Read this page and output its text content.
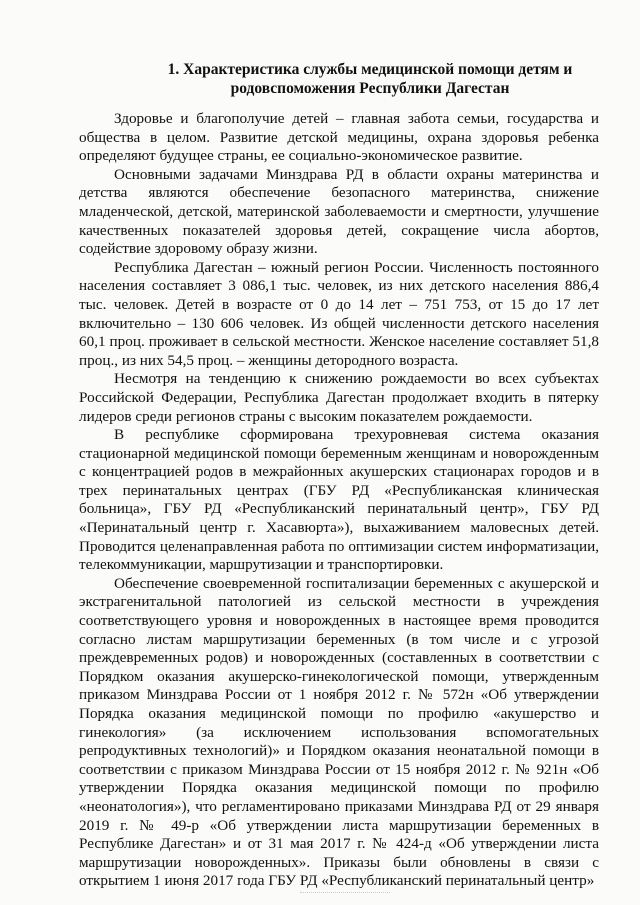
1. Характеристика службы медицинской помощи детям и родовспоможения Республики Дагестан

Здоровье и благополучие детей – главная забота семьи, государства и общества в целом. Развитие детской медицины, охрана здоровья ребенка определяют будущее страны, ее социально-экономическое развитие.

Основными задачами Минздрава РД в области охраны материнства и детства являются обеспечение безопасного материнства, снижение младенческой, детской, материнской заболеваемости и смертности, улучшение качественных показателей здоровья детей, сокращение числа абортов, содействие здоровому образу жизни.

Республика Дагестан – южный регион России. Численность постоянного населения составляет 3 086,1 тыс. человек, из них детского населения 886,4 тыс. человек. Детей в возрасте от 0 до 14 лет – 751 753, от 15 до 17 лет включительно – 130 606 человек. Из общей численности детского населения 60,1 проц. проживает в сельской местности. Женское население составляет 51,8 проц., из них 54,5 проц. – женщины детородного возраста.

Несмотря на тенденцию к снижению рождаемости во всех субъектах Российской Федерации, Республика Дагестан продолжает входить в пятерку лидеров среди регионов страны с высоким показателем рождаемости.

В республике сформирована трехуровневая система оказания стационарной медицинской помощи беременным женщинам и новорожденным с концентрацией родов в межрайонных акушерских стационарах городов и в трех перинатальных центрах (ГБУ РД «Республиканская клиническая больница», ГБУ РД «Республиканский перинатальный центр», ГБУ РД «Перинатальный центр г. Хасавюрта»), выхаживанием маловесных детей. Проводится целенаправленная работа по оптимизации систем информатизации, телекоммуникации, маршрутизации и транспортировки.

Обеспечение своевременной госпитализации беременных с акушерской и экстрагенитальной патологией из сельской местности в учреждения соответствующего уровня и новорожденных в настоящее время проводится согласно листам маршрутизации беременных (в том числе и с угрозой преждевременных родов) и новорожденных (составленных в соответствии с Порядком оказания акушерско-гинекологической помощи, утвержденным приказом Минздрава России от 1 ноября 2012 г. № 572н «Об утверждении Порядка оказания медицинской помощи по профилю «акушерство и гинекология» (за исключением использования вспомогательных репродуктивных технологий)» и Порядком оказания неонатальной помощи в соответствии с приказом Минздрава России от 15 ноября 2012 г. № 921н «Об утверждении Порядка оказания медицинской помощи по профилю «неонатология»), что регламентировано приказами Минздрава РД от 29 января 2019 г. № 49-р «Об утверждении листа маршрутизации беременных в Республике Дагестан» и от 31 мая 2017 г. № 424-д «Об утверждении листа маршрутизации новорожденных». Приказы были обновлены в связи с открытием 1 июня 2017 года ГБУ РД «Республиканский перинатальный центр»
